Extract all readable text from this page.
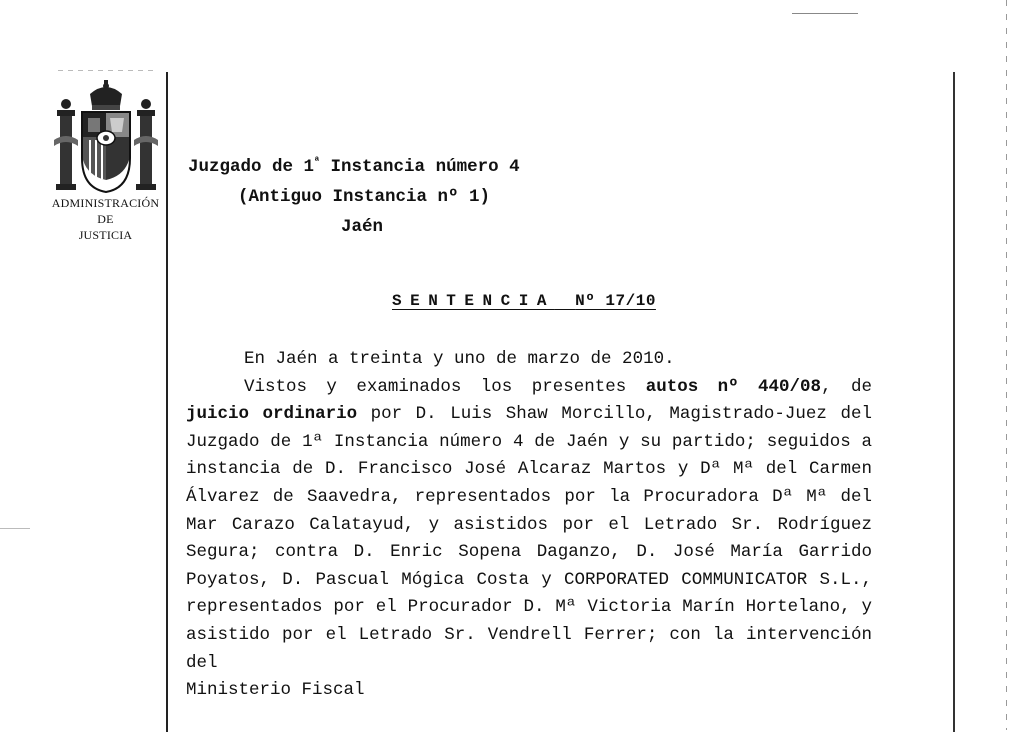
ADMINISTRACIÓN
DE
JUSTICIA
Juzgado de $1^ª$ Instancia número 4
(Antiguo Instancia nº 1)
Jaén
SENTENCIA Nº 17/10

En Jaén a treinta y uno de marzo de 2010.

Vistos y examinados los presentes autos nº 440/08, de juicio ordinario por D. Luis Shaw Morcillo, Magistrado-Juez del Juzgado de 1ª Instancia número 4 de Jaén y su partido; seguidos a instancia de D. Francisco José Alcaraz Martos y Dª Mª del Carmen Álvarez de Saavedra, representados por la Procuradora Dª Mª del Mar Carazo Calatayud, y asistidos por el Letrado Sr. Rodríguez Segura; contra D. Enric Sopena Daganzo, D. José María Garrido Poyatos, D. Pascual Mógica Costa y CORPORATED COMMUNICATOR S.L., representados por el Procurador D. Mª Victoria Marín Hortelano, y asistido por el Letrado Sr. Vendrell Ferrer; con la intervención del

Ministerio Fiscal
